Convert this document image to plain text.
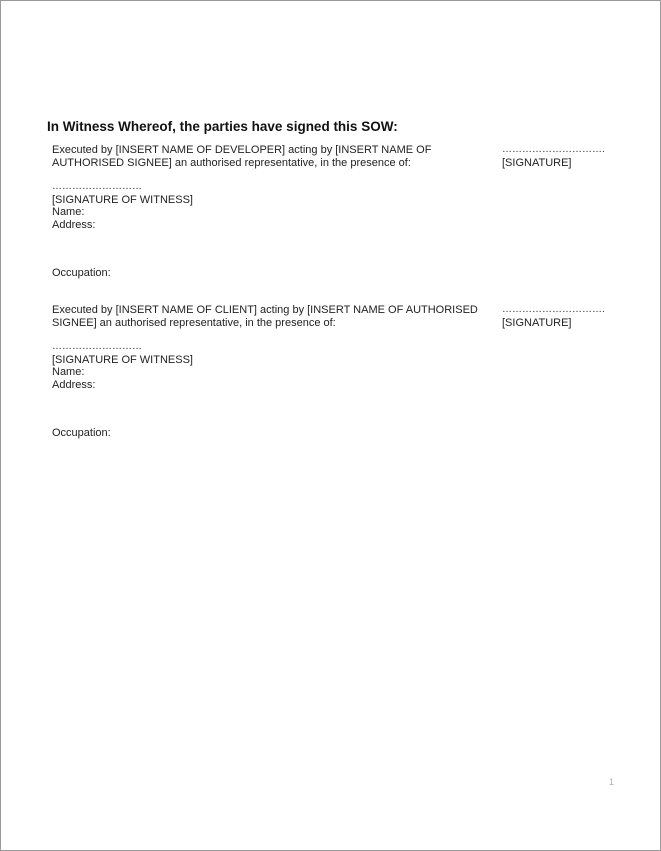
In Witness Whereof, the parties have signed this SOW:
Executed by [INSERT NAME OF DEVELOPER] acting by [INSERT NAME OF
AUTHORISED SIGNEE] an authorised representative, in the presence of:
………………………….
[SIGNATURE]
………………………
[SIGNATURE OF WITNESS]
Name:
Address:
Occupation:
Executed by [INSERT NAME OF CLIENT] acting by [INSERT NAME OF AUTHORISED
SIGNEE] an authorised representative, in the presence of:
………………………….
[SIGNATURE]
………………………
[SIGNATURE OF WITNESS]
Name:
Address:
Occupation:
1
